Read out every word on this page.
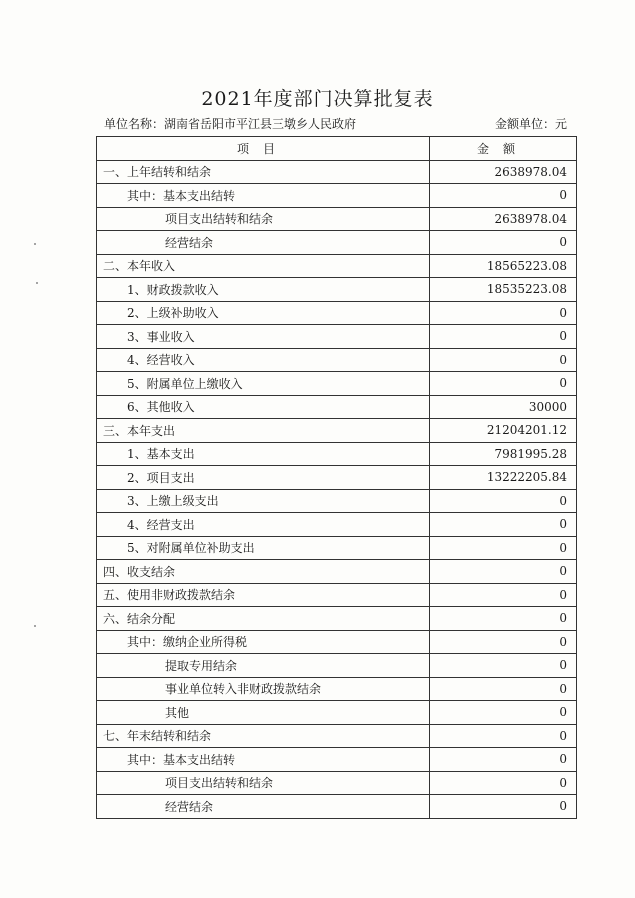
2021年度部门决算批复表
单位名称：湖南省岳阳市平江县三墩乡人民政府	金额单位：元
项目	金额
一、上年结转和结余	2638978.04
其中：基本支出结转	0
项目支出结转和结余	2638978.04
经营结余	0
二、本年收入	18565223.08
1、财政拨款收入	18535223.08
2、上级补助收入	0
3、事业收入	0
4、经营收入	0
5、附属单位上缴收入	0
6、其他收入	30000
三、本年支出	21204201.12
1、基本支出	7981995.28
2、项目支出	13222205.84
3、上缴上级支出	0
4、经营支出	0
5、对附属单位补助支出	0
四、收支结余	0
五、使用非财政拨款结余	0
六、结余分配	0
其中：缴纳企业所得税	0
提取专用结余	0
事业单位转入非财政拨款结余	0
其他	0
七、年末结转和结余	0
其中：基本支出结转	0
项目支出结转和结余	0
经营结余	0
